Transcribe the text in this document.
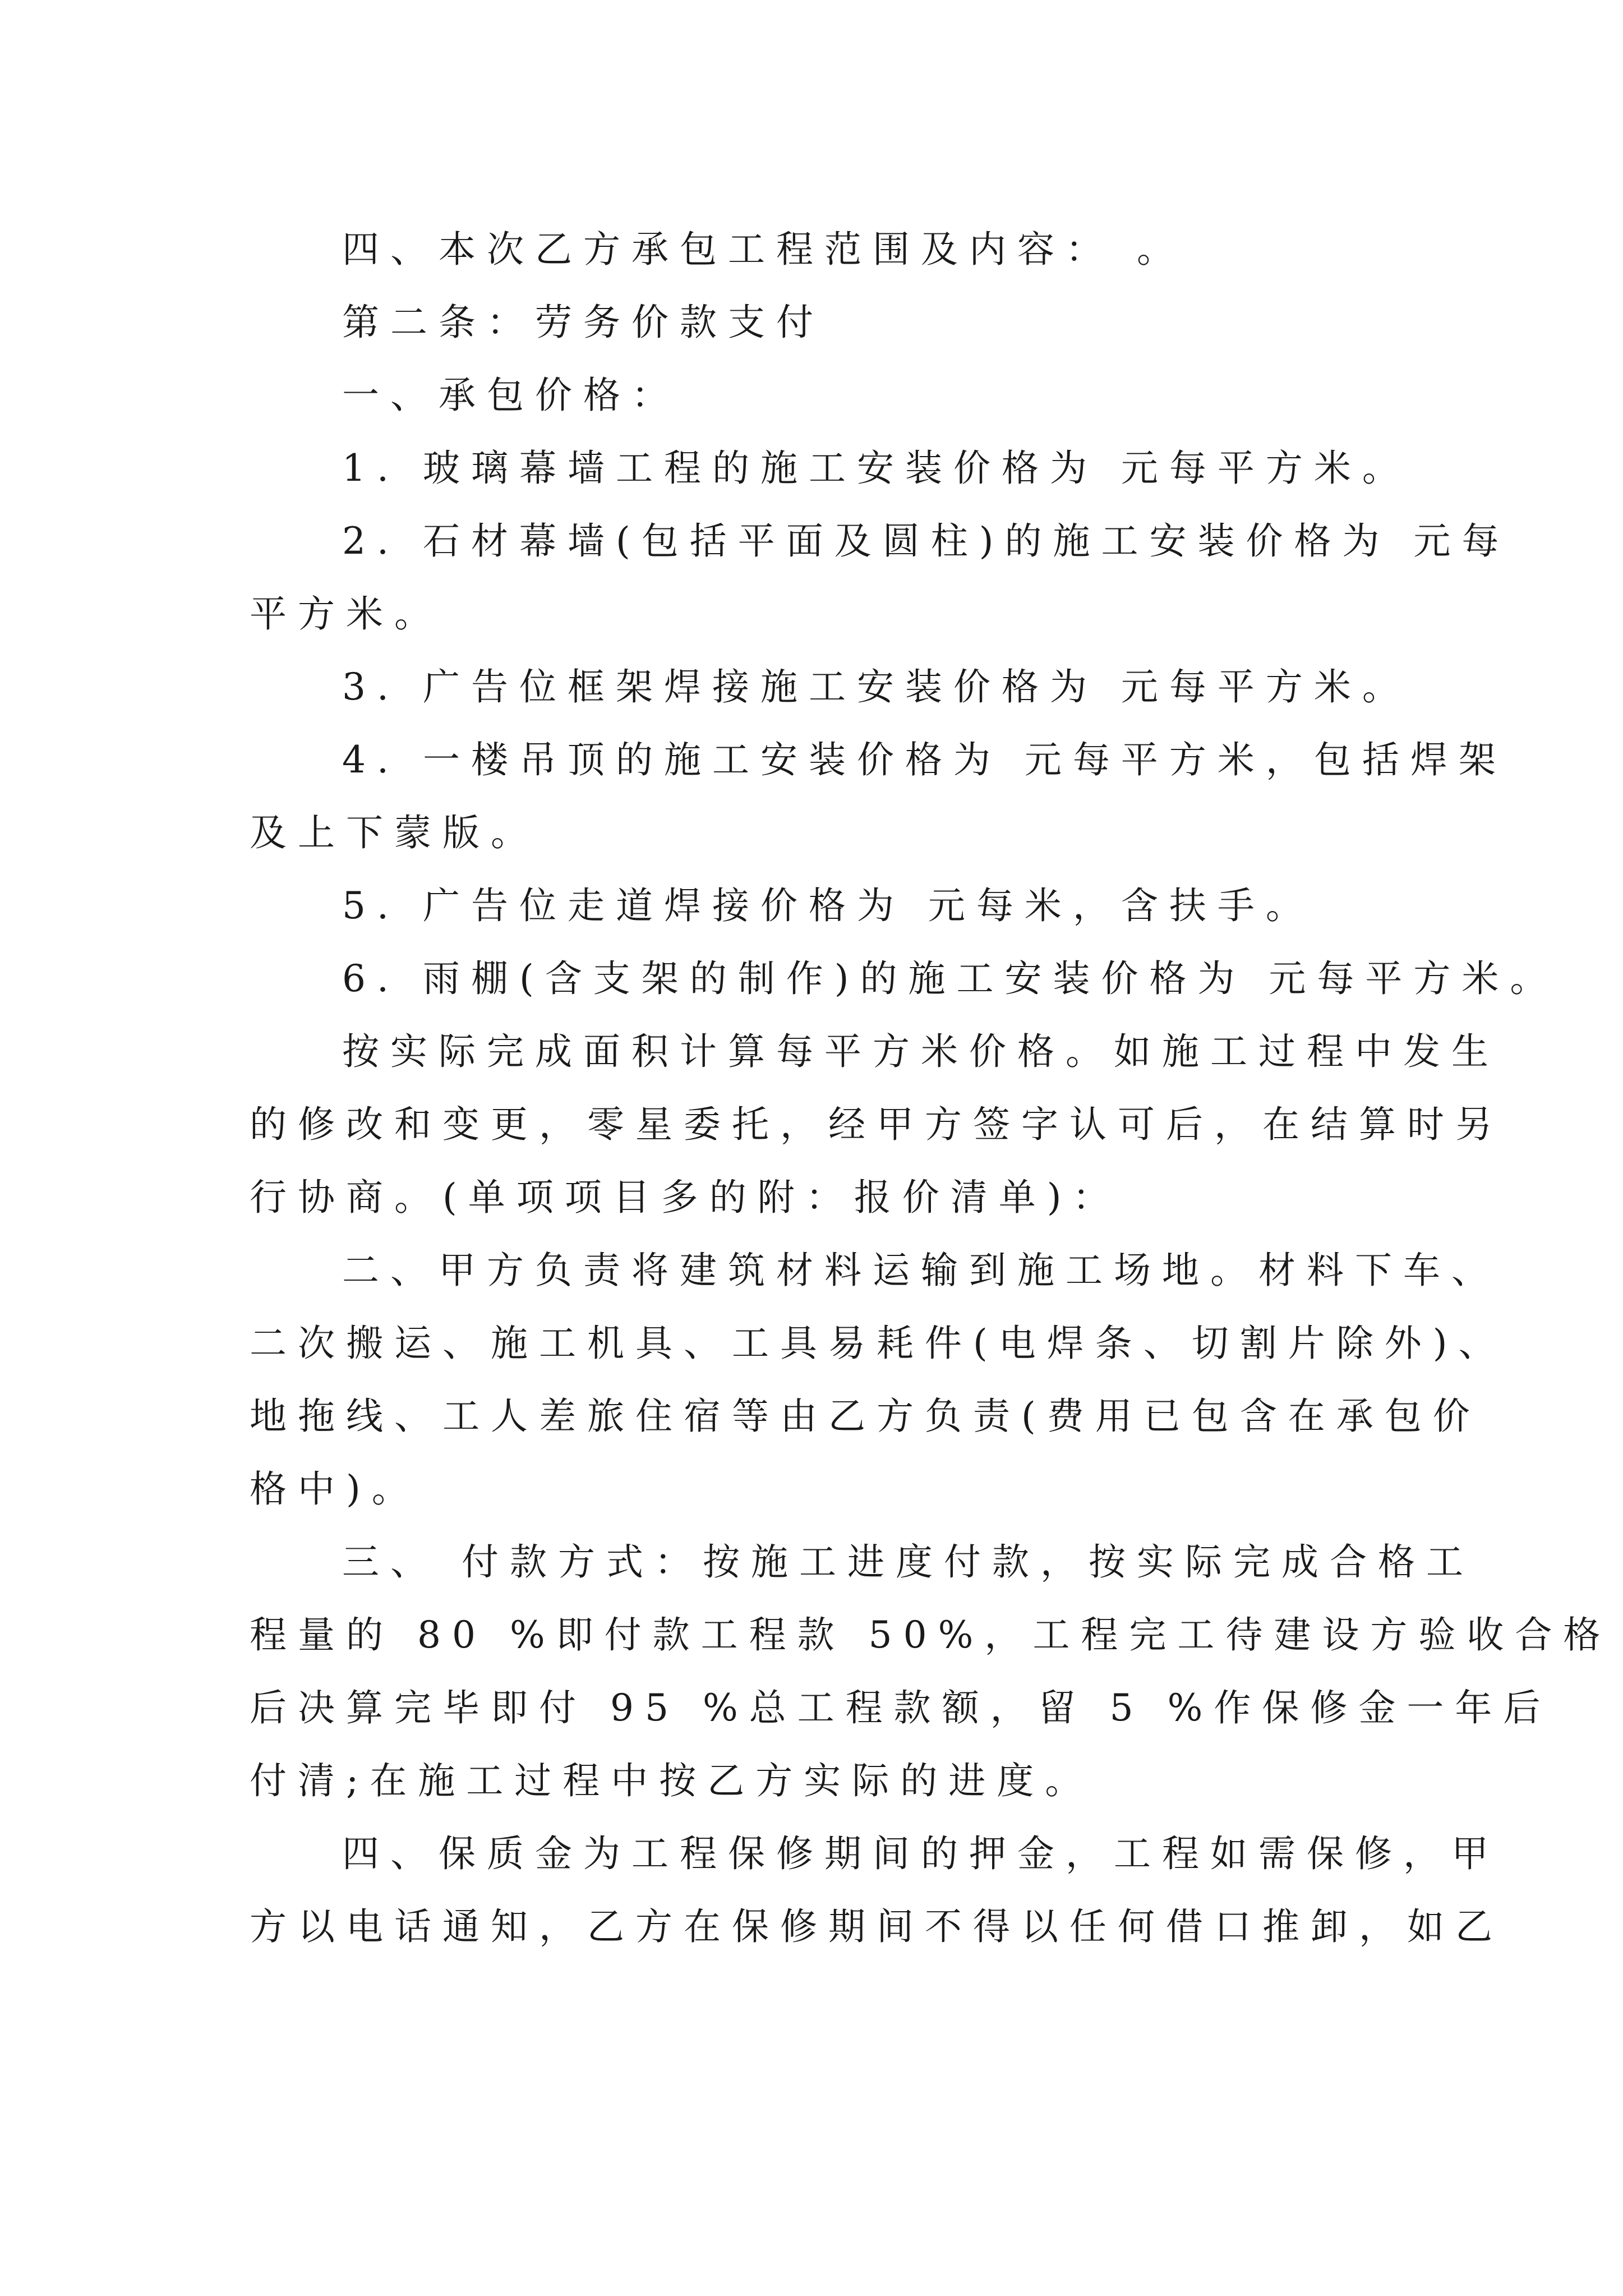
四、本次乙方承包工程范围及内容： 。
第二条：劳务价款支付
一、承包价格：
1. 玻璃幕墙工程的施工安装价格为 元每平方米。
2. 石材幕墙(包括平面及圆柱)的施工安装价格为 元每
平方米。
3. 广告位框架焊接施工安装价格为 元每平方米。
4. 一楼吊顶的施工安装价格为 元每平方米，包括焊架
及上下蒙版。
5. 广告位走道焊接价格为 元每米，含扶手。
6. 雨棚(含支架的制作)的施工安装价格为 元每平方米。
按实际完成面积计算每平方米价格。如施工过程中发生
的修改和变更，零星委托，经甲方签字认可后，在结算时另
行协商。(单项项目多的附：报价清单)：
二、甲方负责将建筑材料运输到施工场地。材料下车、
二次搬运、施工机具、工具易耗件(电焊条、切割片除外)、
地拖线、工人差旅住宿等由乙方负责(费用已包含在承包价
格中)。
三、 付款方式：按施工进度付款，按实际完成合格工
程量的 80 %即付款工程款 50%，工程完工待建设方验收合格
后决算完毕即付 95 %总工程款额，留 5 %作保修金一年后
付清;在施工过程中按乙方实际的进度。
四、保质金为工程保修期间的押金，工程如需保修，甲
方以电话通知，乙方在保修期间不得以任何借口推卸，如乙
